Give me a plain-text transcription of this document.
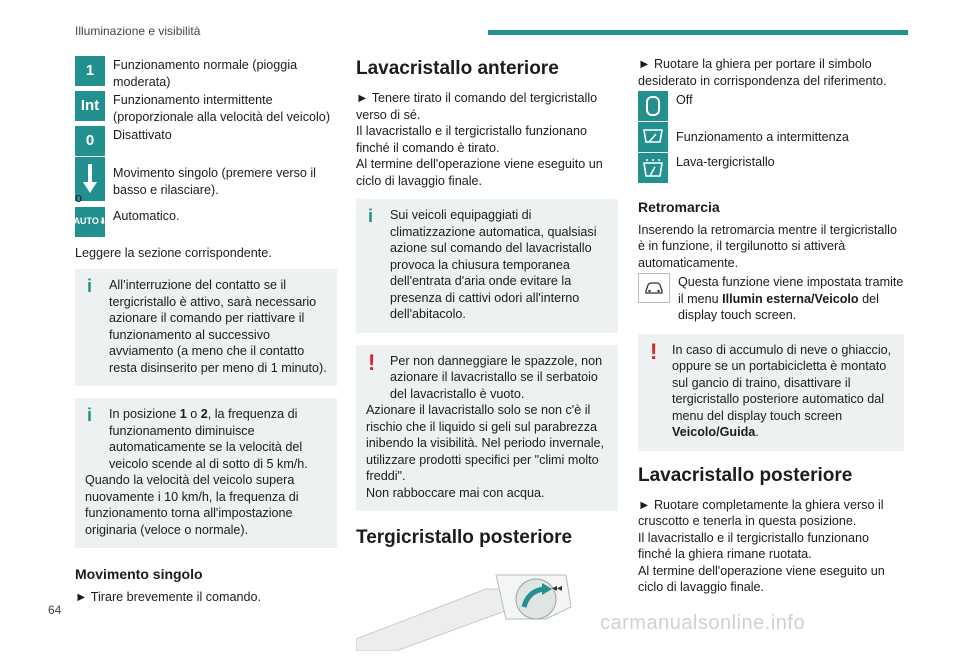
Illuminazione e visibilità
1	Funzionamento normale (pioggia moderata)
Int	Funzionamento intermittente (proporzionale alla velocità del veicolo)
0	Disattivato
Movimento singolo (premere verso il basso e rilasciare).
o
AUTO ⬇ Automatico.

Leggere la sezione corrispondente.

i	All’interruzione del contatto se il tergicristallo è attivo, sarà necessario azionare il comando per riattivare il funzionamento al successivo avviamento (a meno che il contatto resta disinserito per meno di 1 minuto).

i	In posizione 1 o 2, la frequenza di funzionamento diminuisce automaticamente se la velocità del veicolo scende al di sotto di 5 km/h.

Quando la velocità del veicolo supera nuovamente i 10 km/h, la frequenza di funzionamento torna all'impostazione originaria (veloce o normale).

Movimento singolo

► Tirare brevemente il comando.

Lavacristallo anteriore

► Tenere tirato il comando del tergicristallo verso di sé.

Il lavacristallo e il tergicristallo funzionano finché il comando è tirato.

Al termine dell'operazione viene eseguito un ciclo di lavaggio finale.

i	Sui veicoli equipaggiati di climatizzazione automatica, qualsiasi azione sul comando del lavacristallo provoca la chiusura temporanea dell'entrata d'aria onde evitare la presenza di cattivi odori all'interno dell'abitacolo.

!	Per non danneggiare le spazzole, non azionare il lavacristallo se il serbatoio del lavacristallo è vuoto.

Azionare il lavacristallo solo se non c'è il rischio che il liquido si geli sul parabrezza inibendo la visibilità. Nel periodo invernale, utilizzare prodotti specifici per "climi molto freddi".

Non rabboccare mai con acqua.

Tergicristallo posteriore
◂◂

► Ruotare la ghiera per portare il simbolo desiderato in corrispondenza del riferimento.

Off
Funzionamento a intermittenza
Lava-tergicristallo
Retromarcia

Inserendo la retromarcia mentre il tergicristallo è in funzione, il tergilunotto si attiverà automaticamente.

Questa funzione viene impostata tramite il menu Illumin esterna/Veicolo del display touch screen.
!	In caso di accumulo di neve o ghiaccio, oppure se un portabicicletta è montato sul gancio di traino, disattivare il tergicristallo posteriore automatico dal menu del display touch screen Veicolo/Guida.

Lavacristallo posteriore

► Ruotare completamente la ghiera verso il cruscotto e tenerla in questa posizione.

Il lavacristallo e il tergicristallo funzionano finché la ghiera rimane ruotata.

Al termine dell'operazione viene eseguito un ciclo di lavaggio finale.

64
carmanualsonline.info
